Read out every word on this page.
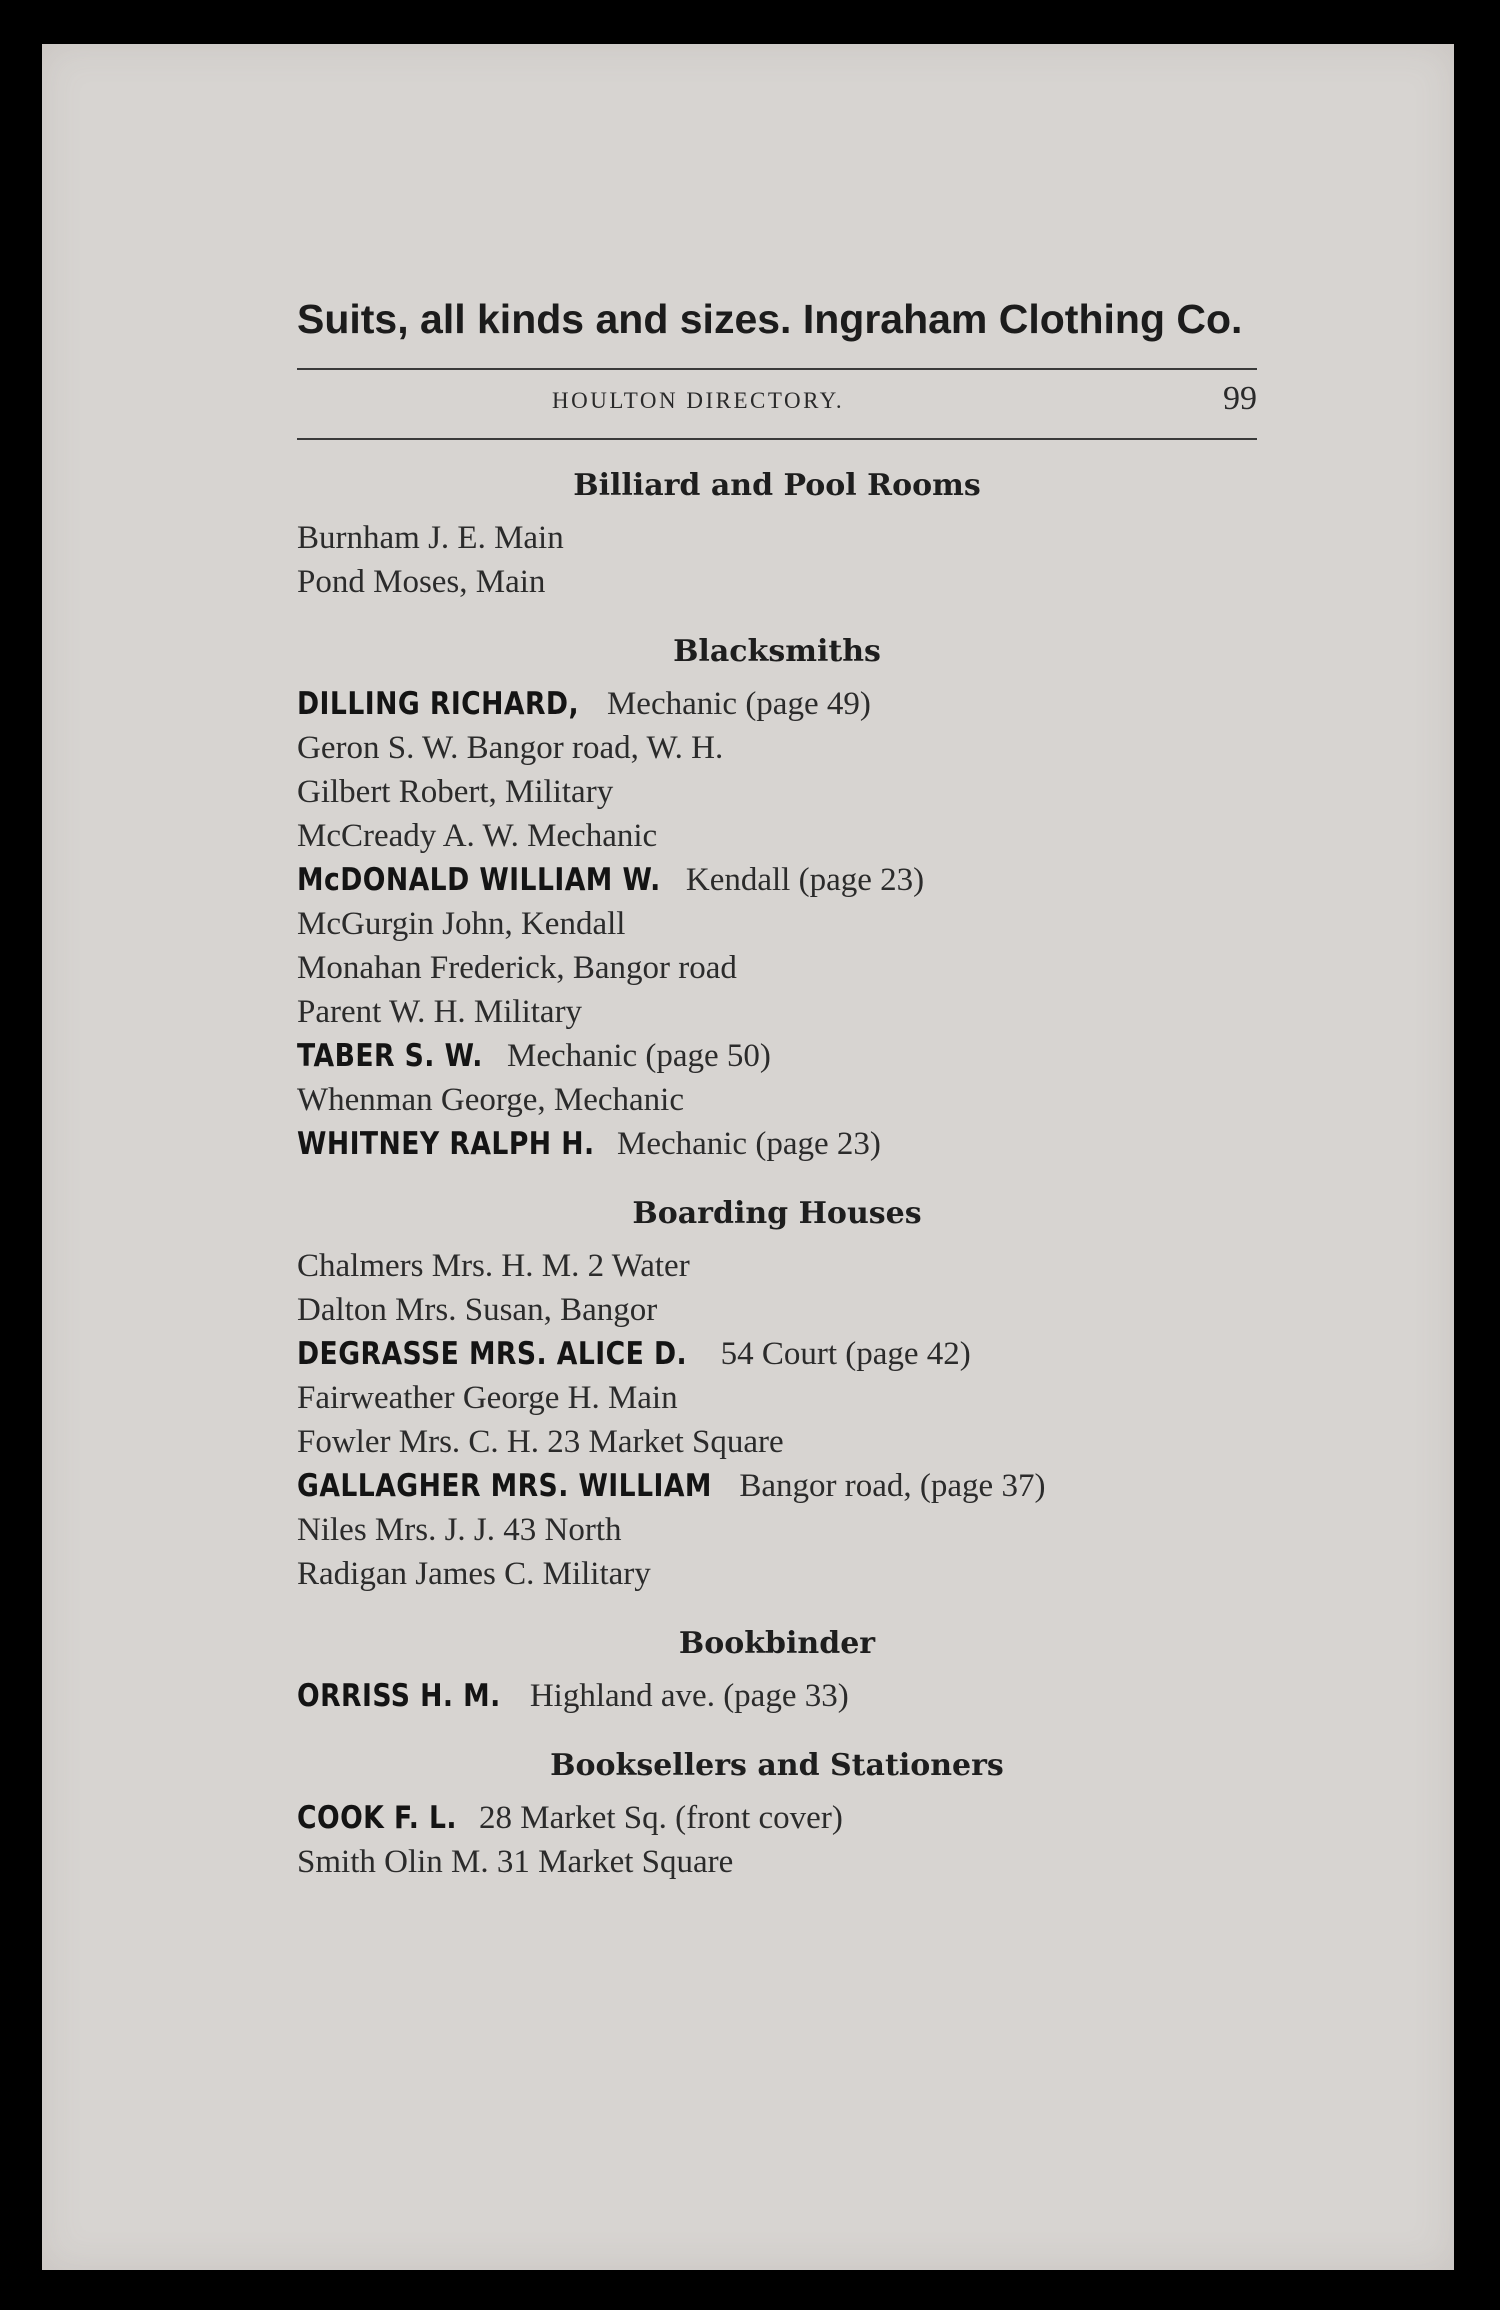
Suits, all kinds and sizes. Ingraham Clothing Co.
HOULTON DIRECTORY.	99
Billiard and Pool Rooms
Burnham J. E. Main
Pond Moses, Main
Blacksmiths
DILLING RICHARD, Mechanic (page 49)
Geron S. W. Bangor road, W. H.
Gilbert Robert, Military
McCready A. W. Mechanic
McDONALD WILLIAM W. Kendall (page 23)
McGurgin John, Kendall
Monahan Frederick, Bangor road
Parent W. H. Military
TABER S. W. Mechanic (page 50)
Whenman George, Mechanic
WHITNEY RALPH H. Mechanic (page 23)
Boarding Houses
Chalmers Mrs. H. M. 2 Water
Dalton Mrs. Susan, Bangor
DEGRASSE MRS. ALICE D. 54 Court (page 42)
Fairweather George H. Main
Fowler Mrs. C. H. 23 Market Square
GALLAGHER MRS. WILLIAM Bangor road, (page 37)
Niles Mrs. J. J. 43 North
Radigan James C. Military
Bookbinder
ORRISS H. M. Highland ave. (page 33)
Booksellers and Stationers
COOK F. L. 28 Market Sq. (front cover)
Smith Olin M. 31 Market Square
